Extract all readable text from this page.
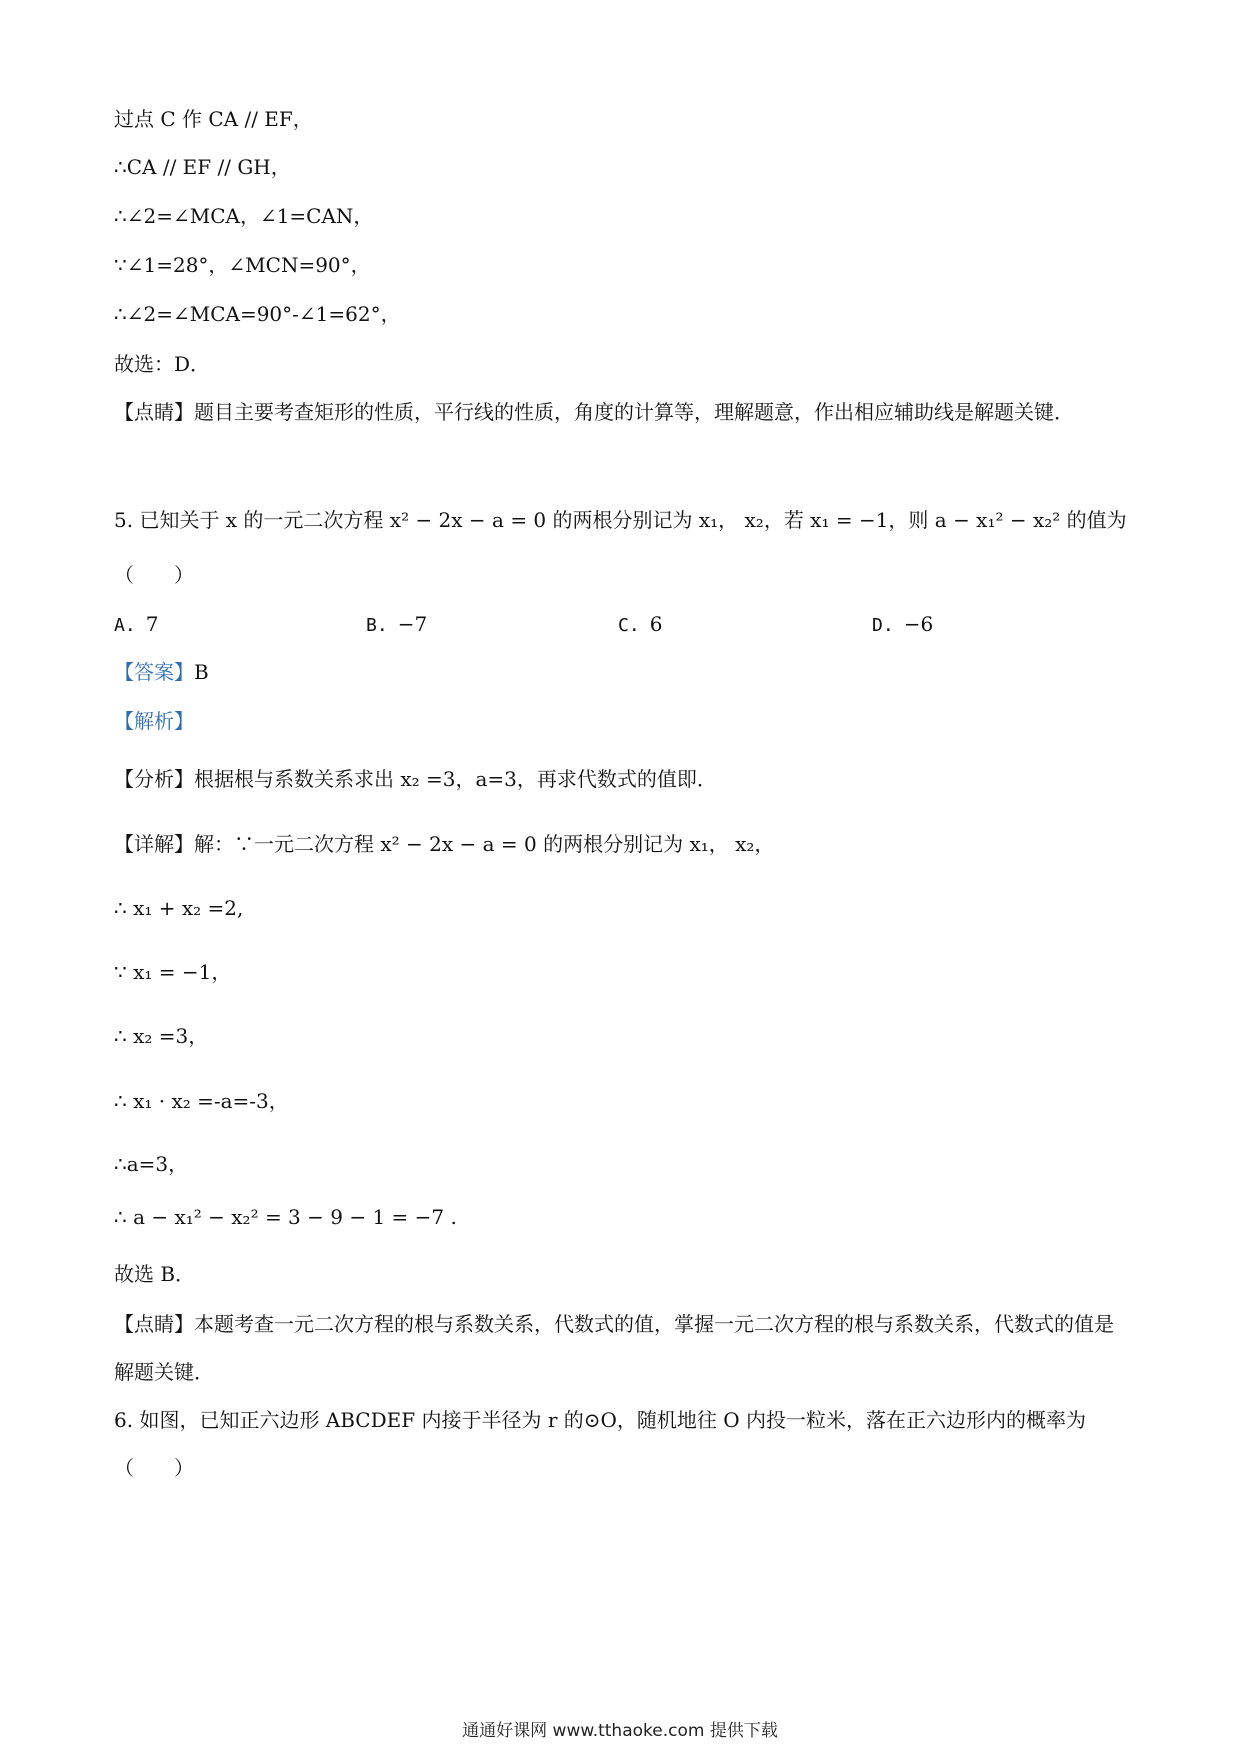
过点 C 作 CA // EF，
∴CA // EF // GH，
∴∠2=∠MCA，∠1=CAN，
∵∠1=28°，∠MCN=90°，
∴∠2=∠MCA=90°-∠1=62°，
故选：D．
【点睛】题目主要考查矩形的性质，平行线的性质，角度的计算等，理解题意，作出相应辅助线是解题关键．
5. 已知关于 x 的一元二次方程 x² − 2x − a = 0 的两根分别记为 x₁， x₂，若 x₁ = −1，则 a − x₁² − x₂² 的值为
（　　）
A. 7	B. −7	C. 6	D. −6
【答案】B
【解析】
【分析】根据根与系数关系求出 x₂ =3，a=3，再求代数式的值即．
【详解】解：∵一元二次方程 x² − 2x − a = 0 的两根分别记为 x₁， x₂，
∴ x₁ + x₂ =2,
∵ x₁ = −1，
∴ x₂ =3，
∴ x₁ · x₂ =-a=-3，
∴a=3，
∴ a − x₁² − x₂² = 3 − 9 − 1 = −7 .
故选 B．
【点睛】本题考查一元二次方程的根与系数关系，代数式的值，掌握一元二次方程的根与系数关系，代数式的值是解题关键．
6. 如图，已知正六边形 ABCDEF 内接于半径为 r 的⊙O，随机地往 O 内投一粒米，落在正六边形内的概率为（　　）
通通好课网 www.tthaoke.com 提供下载
